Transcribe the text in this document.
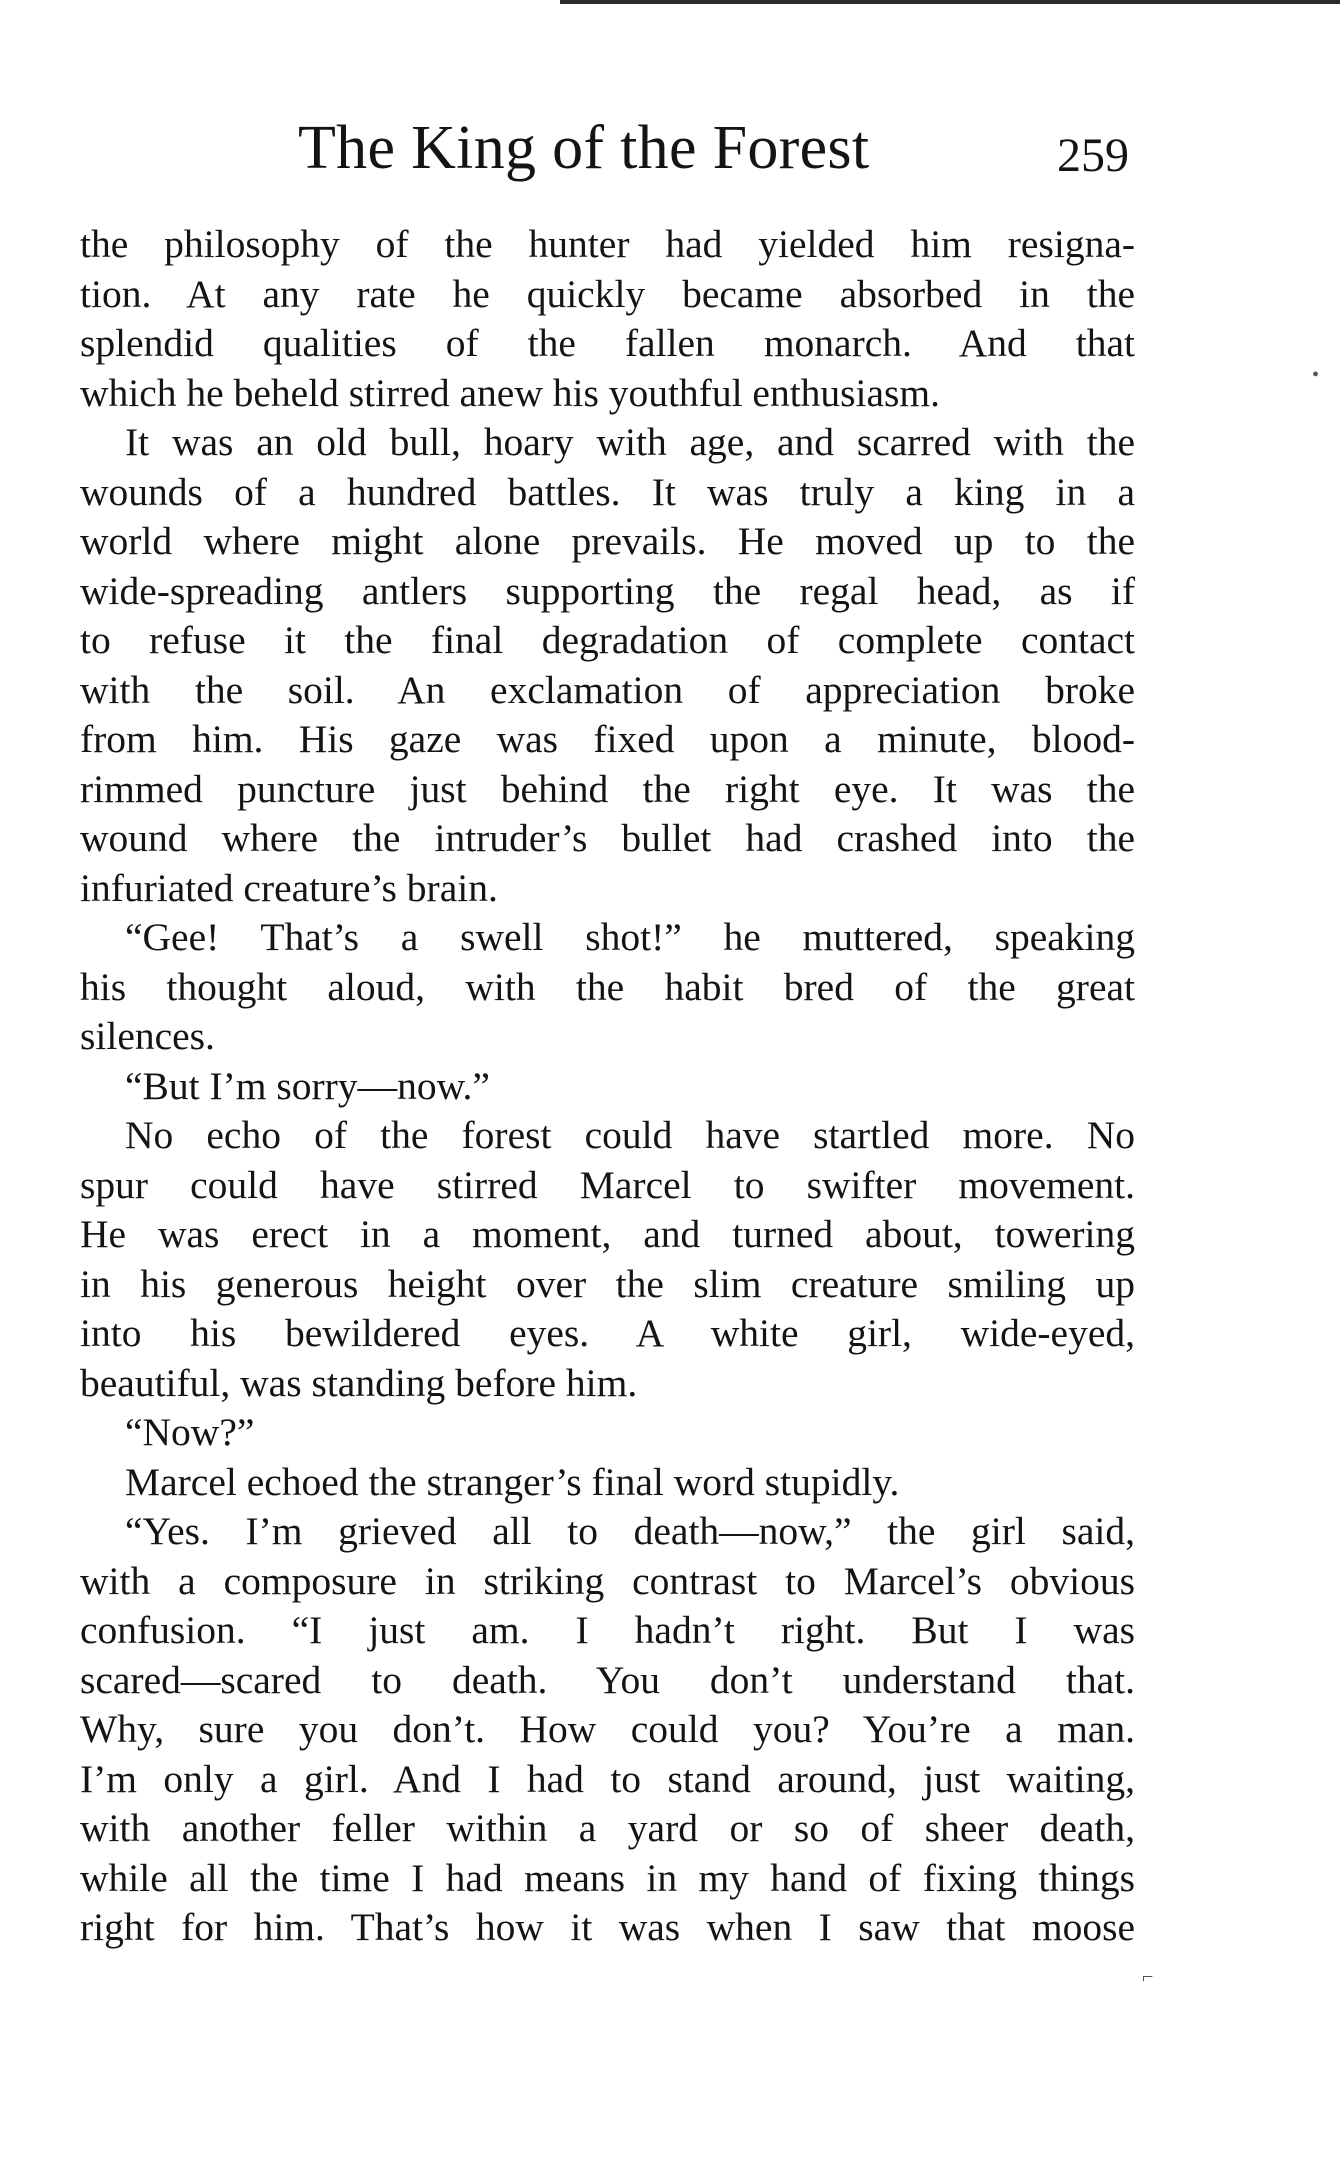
The King of the Forest	259
the philosophy of the hunter had yielded him resigna-
tion. At any rate he quickly became absorbed in the
splendid qualities of the fallen monarch. And that
which he beheld stirred anew his youthful enthusiasm.
It was an old bull, hoary with age, and scarred with the
wounds of a hundred battles. It was truly a king in a
world where might alone prevails. He moved up to the
wide-spreading antlers supporting the regal head, as if
to refuse it the final degradation of complete contact
with the soil. An exclamation of appreciation broke
from him. His gaze was fixed upon a minute, blood-
rimmed puncture just behind the right eye. It was the
wound where the intruder’s bullet had crashed into the
infuriated creature’s brain.
“Gee! That’s a swell shot!” he muttered, speaking
his thought aloud, with the habit bred of the great
silences.
“But I’m sorry—now.”
No echo of the forest could have startled more. No
spur could have stirred Marcel to swifter movement.
He was erect in a moment, and turned about, towering
in his generous height over the slim creature smiling up
into his bewildered eyes. A white girl, wide-eyed,
beautiful, was standing before him.
“Now?”
Marcel echoed the stranger’s final word stupidly.
“Yes. I’m grieved all to death—now,” the girl said,
with a composure in striking contrast to Marcel’s obvious
confusion. “I just am. I hadn’t right. But I was
scared—scared to death. You don’t understand that.
Why, sure you don’t. How could you? You’re a man.
I’m only a girl. And I had to stand around, just waiting,
with another feller within a yard or so of sheer death,
while all the time I had means in my hand of fixing things
right for him. That’s how it was when I saw that moose
•
⌐
